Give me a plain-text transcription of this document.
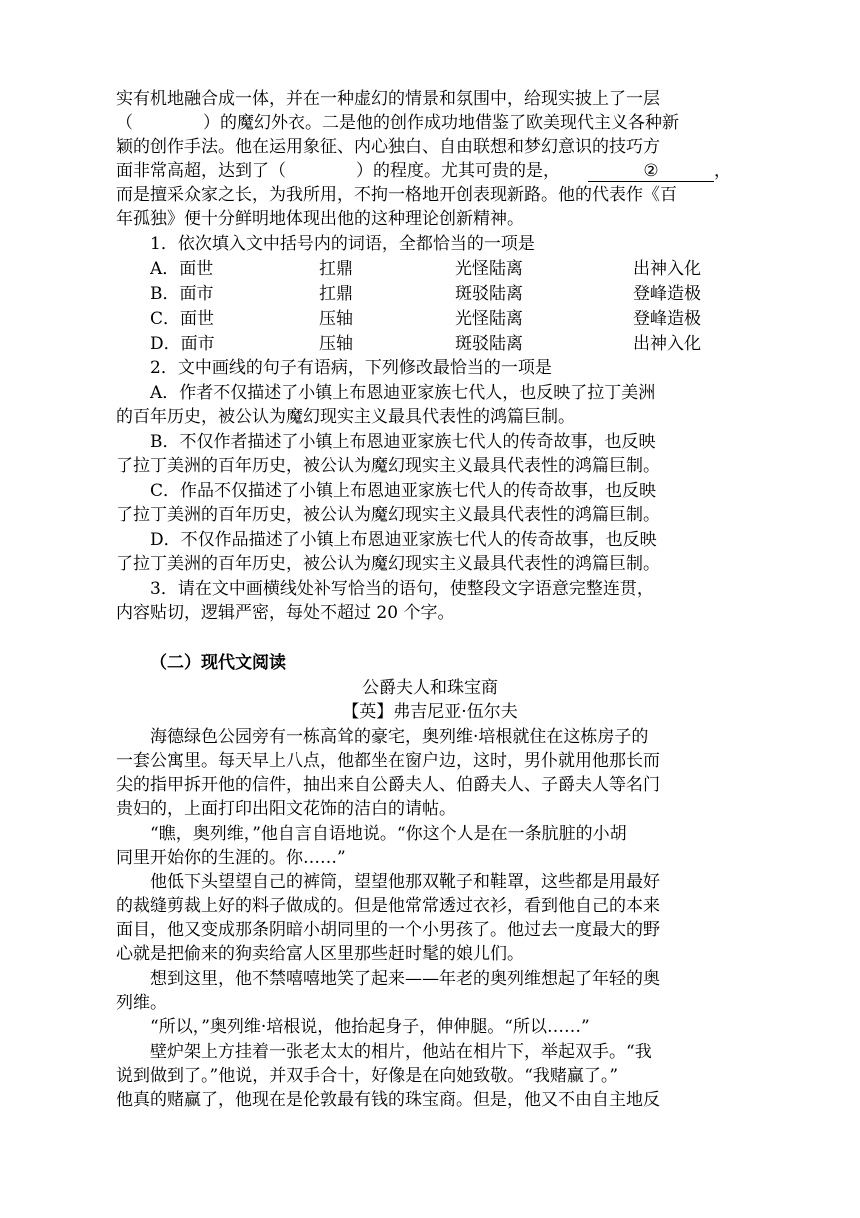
实有机地融合成一体，并在一种虚幻的情景和氛围中，给现实披上了一层
（	）的魔幻外衣。二是他的创作成功地借鉴了欧美现代主义各种新
颖的创作手法。他在运用象征、内心独白、自由联想和梦幻意识的技巧方
面非常高超，达到了（	）的程度。尤其可贵的是，	②	，
而是擅采众家之长，为我所用，不拘一格地开创表现新路。他的代表作《百
年孤独》便十分鲜明地体现出他的这种理论创新精神。
1．依次填入文中括号内的词语，全都恰当的一项是
A．面世	扛鼎	光怪陆离	出神入化
B．面市	扛鼎	斑驳陆离	登峰造极
C．面世	压轴	光怪陆离	登峰造极
D．面市	压轴	斑驳陆离	出神入化
2．文中画线的句子有语病，下列修改最恰当的一项是
A．作者不仅描述了小镇上布恩迪亚家族七代人，也反映了拉丁美洲
的百年历史，被公认为魔幻现实主义最具代表性的鸿篇巨制。
B．不仅作者描述了小镇上布恩迪亚家族七代人的传奇故事，也反映
了拉丁美洲的百年历史，被公认为魔幻现实主义最具代表性的鸿篇巨制。
C．作品不仅描述了小镇上布恩迪亚家族七代人的传奇故事，也反映
了拉丁美洲的百年历史，被公认为魔幻现实主义最具代表性的鸿篇巨制。
D．不仅作品描述了小镇上布恩迪亚家族七代人的传奇故事，也反映
了拉丁美洲的百年历史，被公认为魔幻现实主义最具代表性的鸿篇巨制。
3．请在文中画横线处补写恰当的语句，使整段文字语意完整连贯，
内容贴切，逻辑严密，每处不超过 20 个字。
（二）现代文阅读
公爵夫人和珠宝商
【英】弗吉尼亚·伍尔夫
海德绿色公园旁有一栋高耸的豪宅，奥列维·培根就住在这栋房子的
一套公寓里。每天早上八点，他都坐在窗户边，这时，男仆就用他那长而
尖的指甲拆开他的信件，抽出来自公爵夫人、伯爵夫人、子爵夫人等名门
贵妇的，上面打印出阳文花饰的洁白的请帖。
“瞧，奥列维，”他自言自语地说。“你这个人是在一条肮脏的小胡
同里开始你的生涯的。你……”
他低下头望望自己的裤筒，望望他那双靴子和鞋罩，这些都是用最好
的裁缝剪裁上好的料子做成的。但是他常常透过衣衫，看到他自己的本来
面目，他又变成那条阴暗小胡同里的一个小男孩了。他过去一度最大的野
心就是把偷来的狗卖给富人区里那些赶时髦的娘儿们。
想到这里，他不禁嘻嘻地笑了起来——年老的奥列维想起了年轻的奥
列维。
“所以，”奥列维·培根说，他抬起身子，伸伸腿。“所以……”
壁炉架上方挂着一张老太太的相片，他站在相片下，举起双手。“我
说到做到了。”他说，并双手合十，好像是在向她致敬。“我赌赢了。”
他真的赌赢了，他现在是伦敦最有钱的珠宝商。但是，他又不由自主地反
